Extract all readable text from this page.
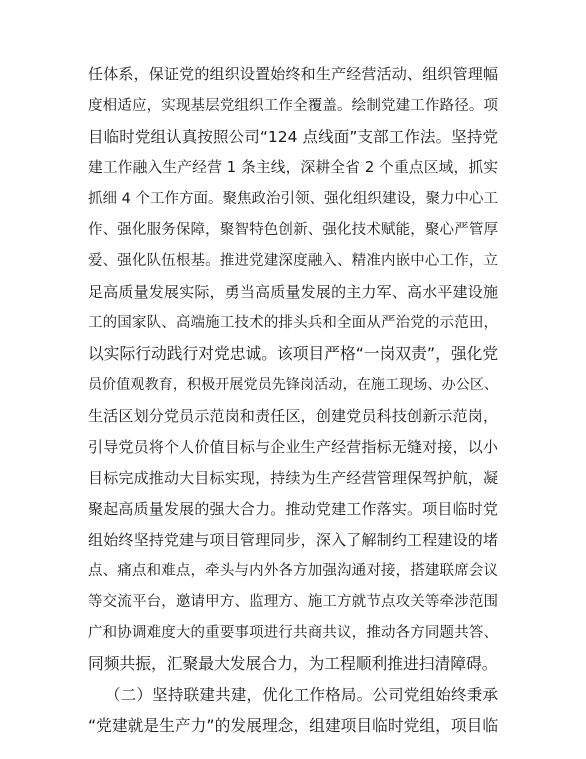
任体系，保证党的组织设置始终和生产经营活动、组织管理幅
度相适应，实现基层党组织工作全覆盖。绘制党建工作路径。项
目临时党组认真按照公司“124 点线面”支部工作法。坚持党
建工作融入生产经营 1 条主线，深耕全省 2 个重点区域，抓实
抓细 4 个工作方面。聚焦政治引领、强化组织建设，聚力中心工
作、强化服务保障，聚智特色创新、强化技术赋能，聚心严管厚
爱、强化队伍根基。推进党建深度融入、精准内嵌中心工作，立
足高质量发展实际，勇当高质量发展的主力军、高水平建设施
工的国家队、高端施工技术的排头兵和全面从严治党的示范田，
以实际行动践行对党忠诚。该项目严格“一岗双责”，强化党
员价值观教育，积极开展党员先锋岗活动，在施工现场、办公区、
生活区划分党员示范岗和责任区，创建党员科技创新示范岗，
引导党员将个人价值目标与企业生产经营指标无缝对接，以小
目标完成推动大目标实现，持续为生产经营管理保驾护航，凝
聚起高质量发展的强大合力。推动党建工作落实。项目临时党
组始终坚持党建与项目管理同步，深入了解制约工程建设的堵
点、痛点和难点，牵头与内外各方加强沟通对接，搭建联席会议
等交流平台，邀请甲方、监理方、施工方就节点攻关等牵涉范围
广和协调难度大的重要事项进行共商共议，推动各方同题共答、
同频共振，汇聚最大发展合力，为工程顺利推进扫清障碍。
（二）坚持联建共建，优化工作格局。公司党组始终秉承
“党建就是生产力”的发展理念，组建项目临时党组，项目临
